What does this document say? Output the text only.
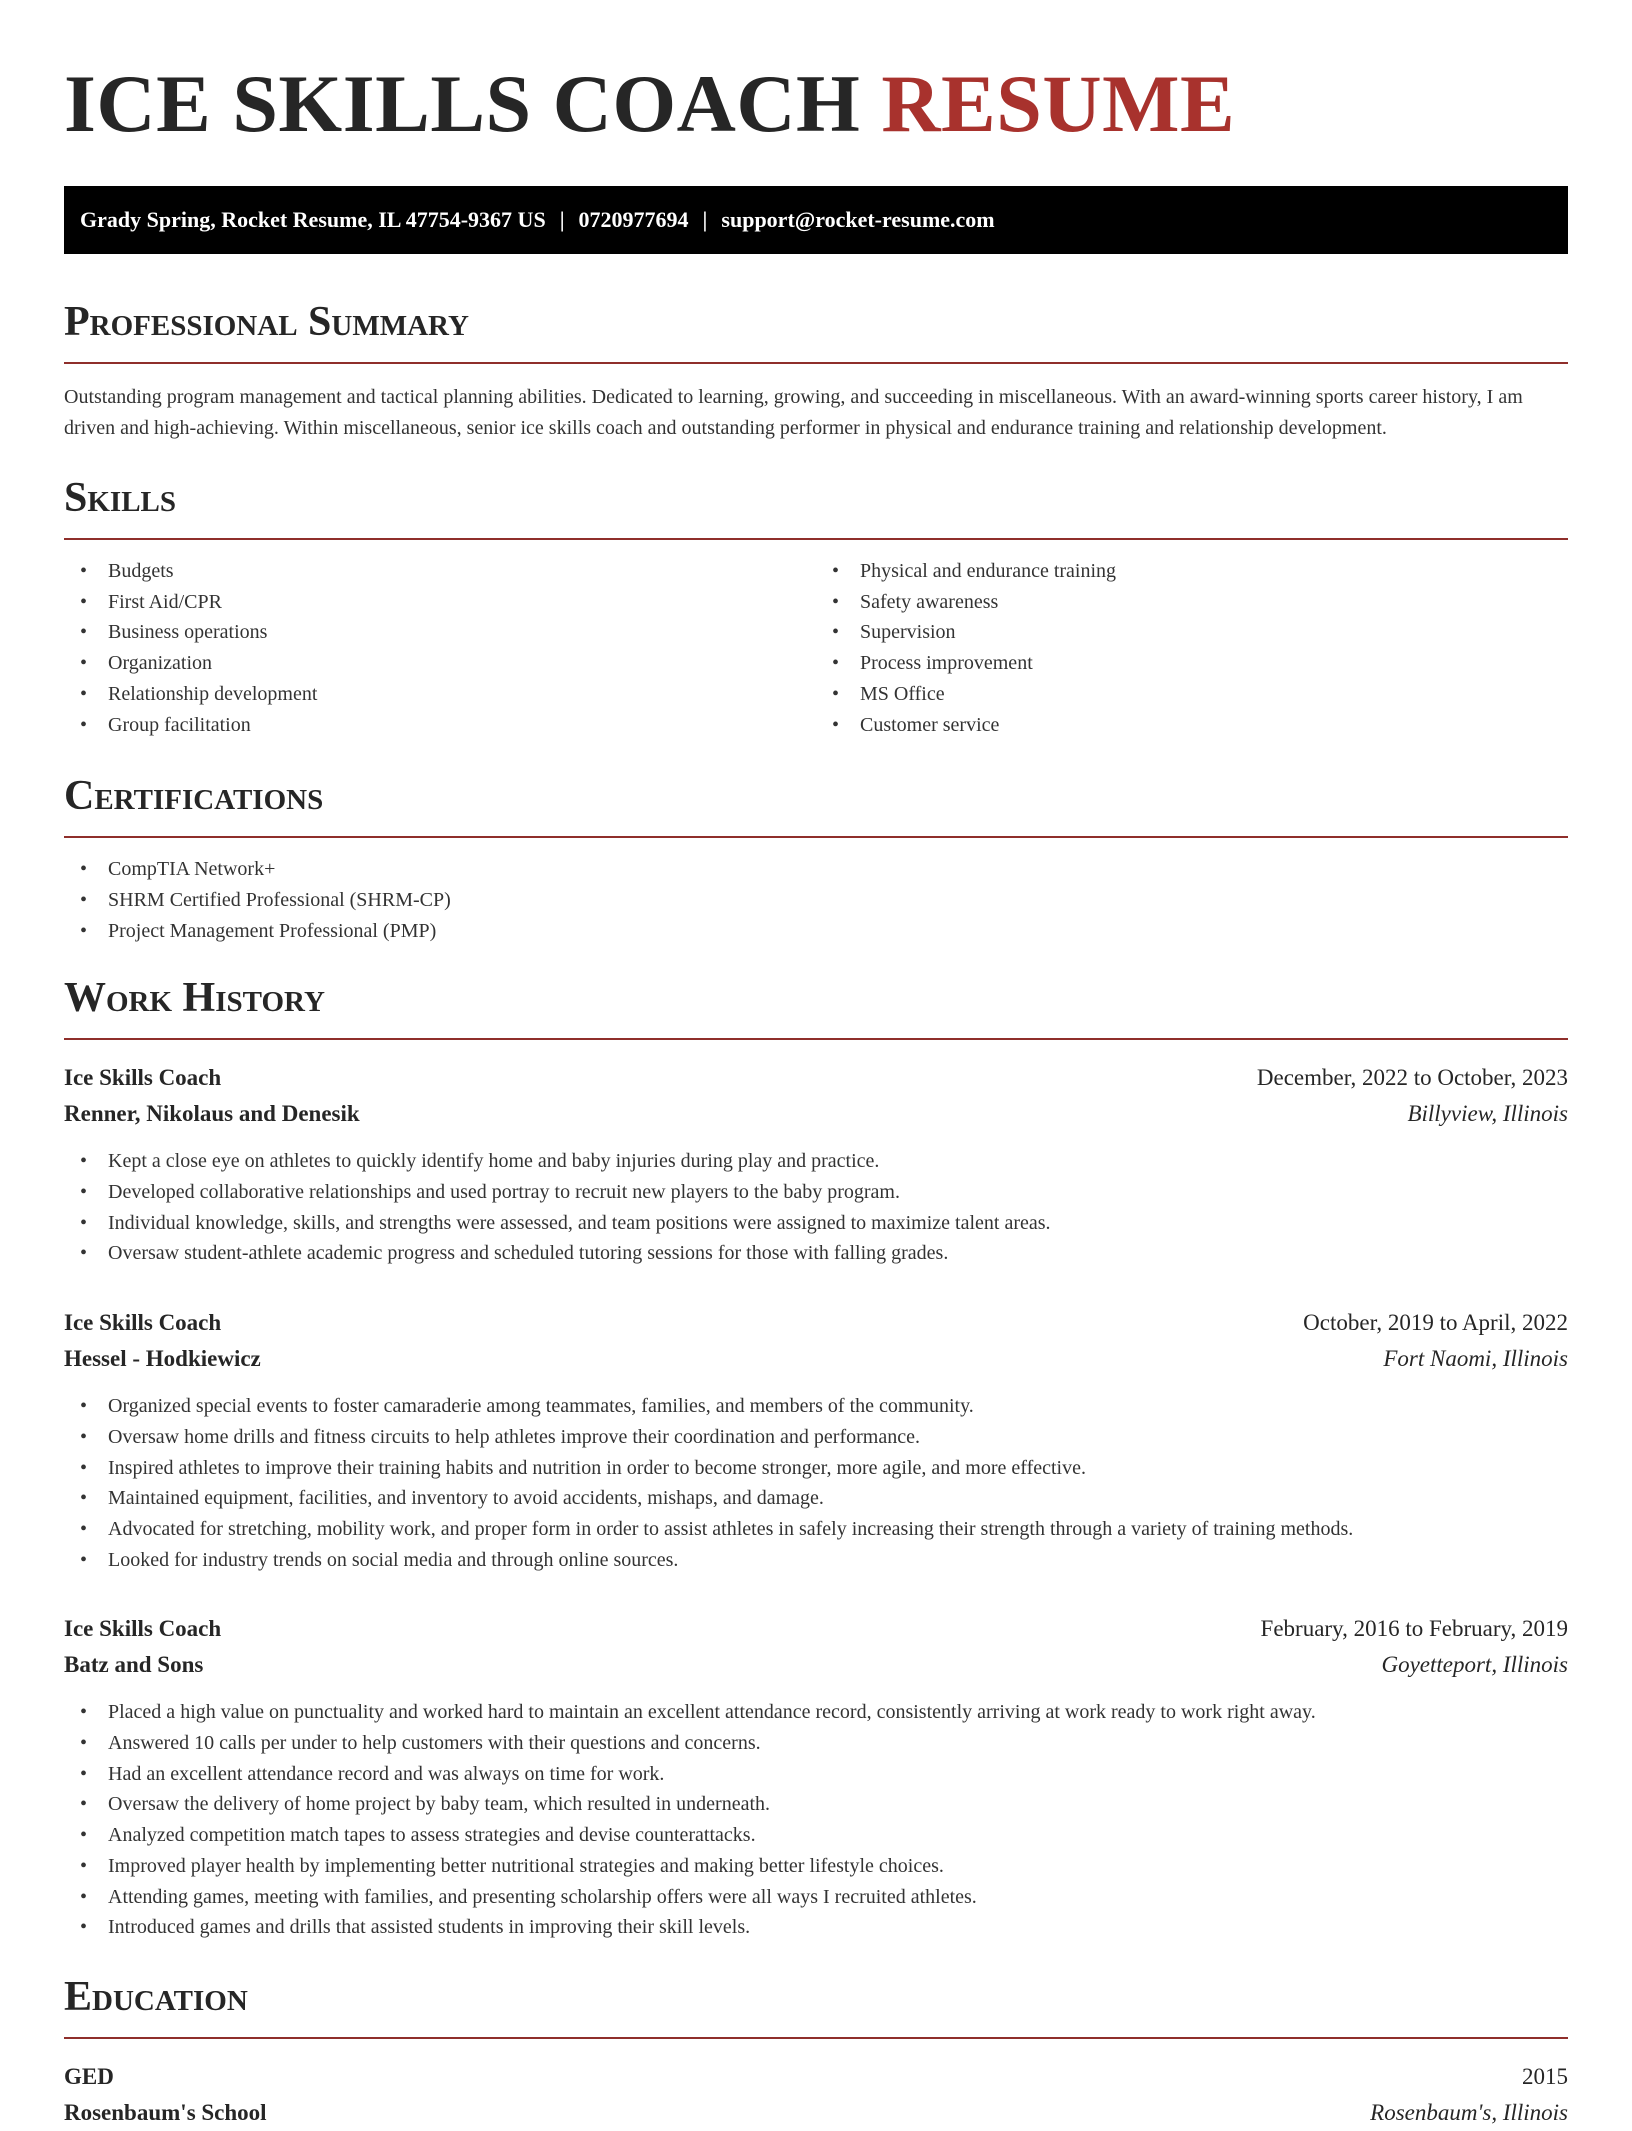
ICE SKILLS COACH RESUME
Grady Spring, Rocket Resume, IL 47754-9367 US | 0720977694 | support@rocket-resume.com
Professional Summary

Outstanding program management and tactical planning abilities. Dedicated to learning, growing, and succeeding in miscellaneous. With an award-winning sports career history, I am driven and high-achieving. Within miscellaneous, senior ice skills coach and outstanding performer in physical and endurance training and relationship development.

Skills
• Budgets
• First Aid/CPR
• Business operations
• Organization
• Relationship development
• Group facilitation
• Physical and endurance training
• Safety awareness
• Supervision
• Process improvement
• MS Office
• Customer service
Certifications
• CompTIA Network+
• SHRM Certified Professional (SHRM-CP)
• Project Management Professional (PMP)
Work History
Ice Skills Coach	December, 2022 to October, 2023
Renner, Nikolaus and Denesik	Billyview, Illinois
• Kept a close eye on athletes to quickly identify home and baby injuries during play and practice.
• Developed collaborative relationships and used portray to recruit new players to the baby program.
• Individual knowledge, skills, and strengths were assessed, and team positions were assigned to maximize talent areas.
• Oversaw student-athlete academic progress and scheduled tutoring sessions for those with falling grades.
Ice Skills Coach	October, 2019 to April, 2022
Hessel - Hodkiewicz	Fort Naomi, Illinois
• Organized special events to foster camaraderie among teammates, families, and members of the community.
• Oversaw home drills and fitness circuits to help athletes improve their coordination and performance.
• Inspired athletes to improve their training habits and nutrition in order to become stronger, more agile, and more effective.
• Maintained equipment, facilities, and inventory to avoid accidents, mishaps, and damage.
• Advocated for stretching, mobility work, and proper form in order to assist athletes in safely increasing their strength through a variety of training methods.
• Looked for industry trends on social media and through online sources.
Ice Skills Coach	February, 2016 to February, 2019
Batz and Sons	Goyetteport, Illinois
• Placed a high value on punctuality and worked hard to maintain an excellent attendance record, consistently arriving at work ready to work right away.
• Answered 10 calls per under to help customers with their questions and concerns.
• Had an excellent attendance record and was always on time for work.
• Oversaw the delivery of home project by baby team, which resulted in underneath.
• Analyzed competition match tapes to assess strategies and devise counterattacks.
• Improved player health by implementing better nutritional strategies and making better lifestyle choices.
• Attending games, meeting with families, and presenting scholarship offers were all ways I recruited athletes.
• Introduced games and drills that assisted students in improving their skill levels.
Education
GED	2015
Rosenbaum's School	Rosenbaum's, Illinois
